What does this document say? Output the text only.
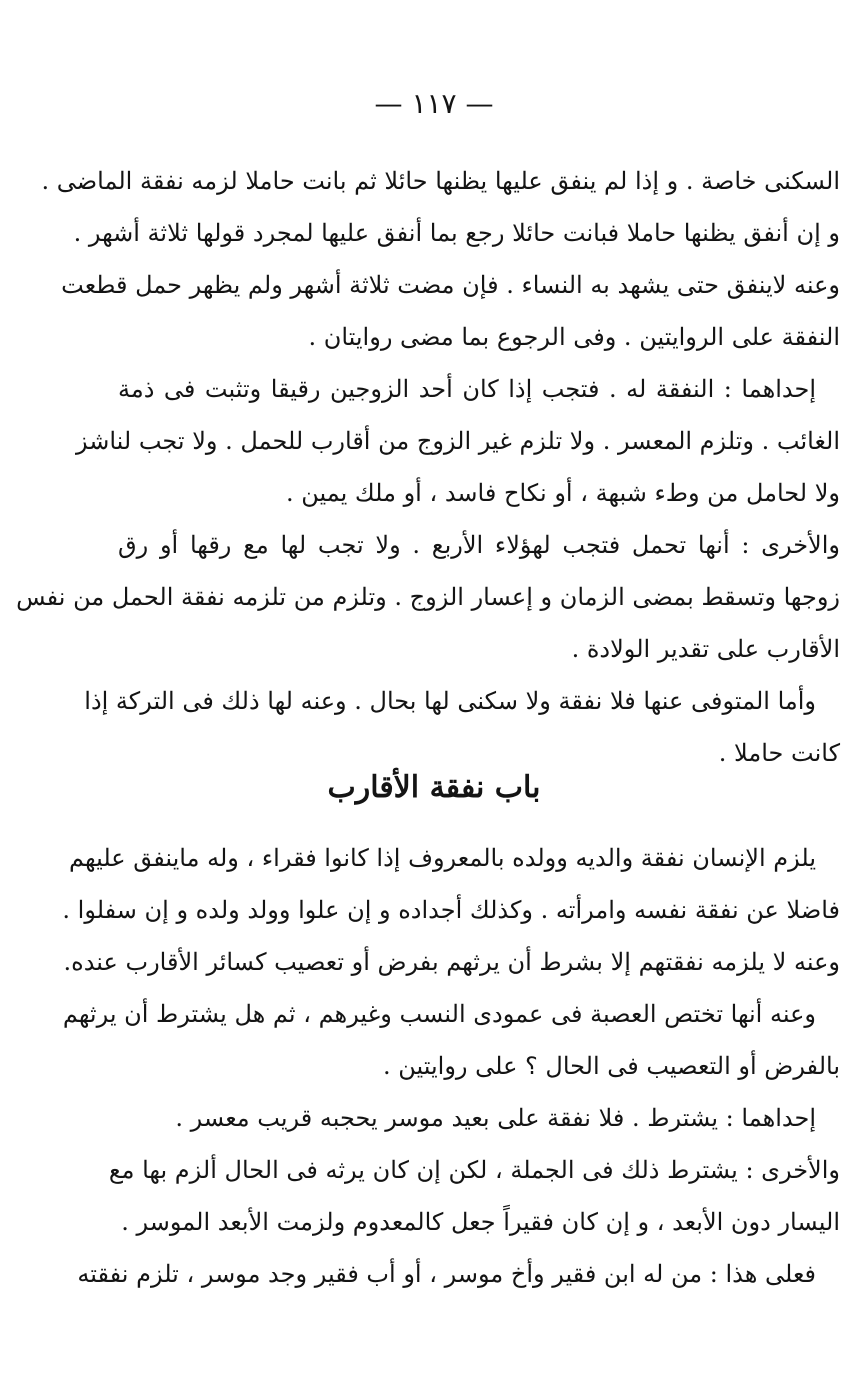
— ١١٧ —
السكنى خاصة . و إذا لم ينفق عليها يظنها حائلا ثم بانت حاملا لزمه نفقة الماضى .
و إن أنفق يظنها حاملا فبانت حائلا رجع بما أنفق عليها لمجرد قولها ثلاثة أشهر .
وعنه لاينفق حتى يشهد به النساء . فإن مضت ثلاثة أشهر ولم يظهر حمل قطعت
النفقة على الروايتين . وفى الرجوع بما مضى روايتان .
إحداهما : النفقة له . فتجب إذا كان أحد الزوجين رقيقا وتثبت فى ذمة
الغائب . وتلزم المعسر . ولا تلزم غير الزوج من أقارب للحمل . ولا تجب لناشز
ولا لحامل من وطء شبهة ، أو نكاح فاسد ، أو ملك يمين .
والأخرى : أنها تحمل فتجب لهؤلاء الأربع . ولا تجب لها مع رقها أو رق
زوجها وتسقط بمضى الزمان و إعسار الزوج . وتلزم من تلزمه نفقة الحمل من نفس
الأقارب على تقدير الولادة .
وأما المتوفى عنها فلا نفقة ولا سكنى لها بحال . وعنه لها ذلك فى التركة إذا
كانت حاملا .
باب نفقة الأقارب
يلزم الإنسان نفقة والديه وولده بالمعروف إذا كانوا فقراء ، وله ماينفق عليهم
فاضلا عن نفقة نفسه وامرأته . وكذلك أجداده و إن علوا وولد ولده و إن سفلوا .
وعنه لا يلزمه نفقتهم إلا بشرط أن يرثهم بفرض أو تعصيب كسائر الأقارب عنده.
وعنه أنها تختص العصبة فى عمودى النسب وغيرهم ، ثم هل يشترط أن يرثهم
بالفرض أو التعصيب فى الحال ؟ على روايتين .
إحداهما : يشترط . فلا نفقة على بعيد موسر يحجبه قريب معسر .
والأخرى : يشترط ذلك فى الجملة ، لكن إن كان يرثه فى الحال ألزم بها مع
اليسار دون الأبعد ، و إن كان فقيراً جعل كالمعدوم ولزمت الأبعد الموسر .
فعلى هذا : من له ابن فقير وأخ موسر ، أو أب فقير وجد موسر ، تلزم نفقته
